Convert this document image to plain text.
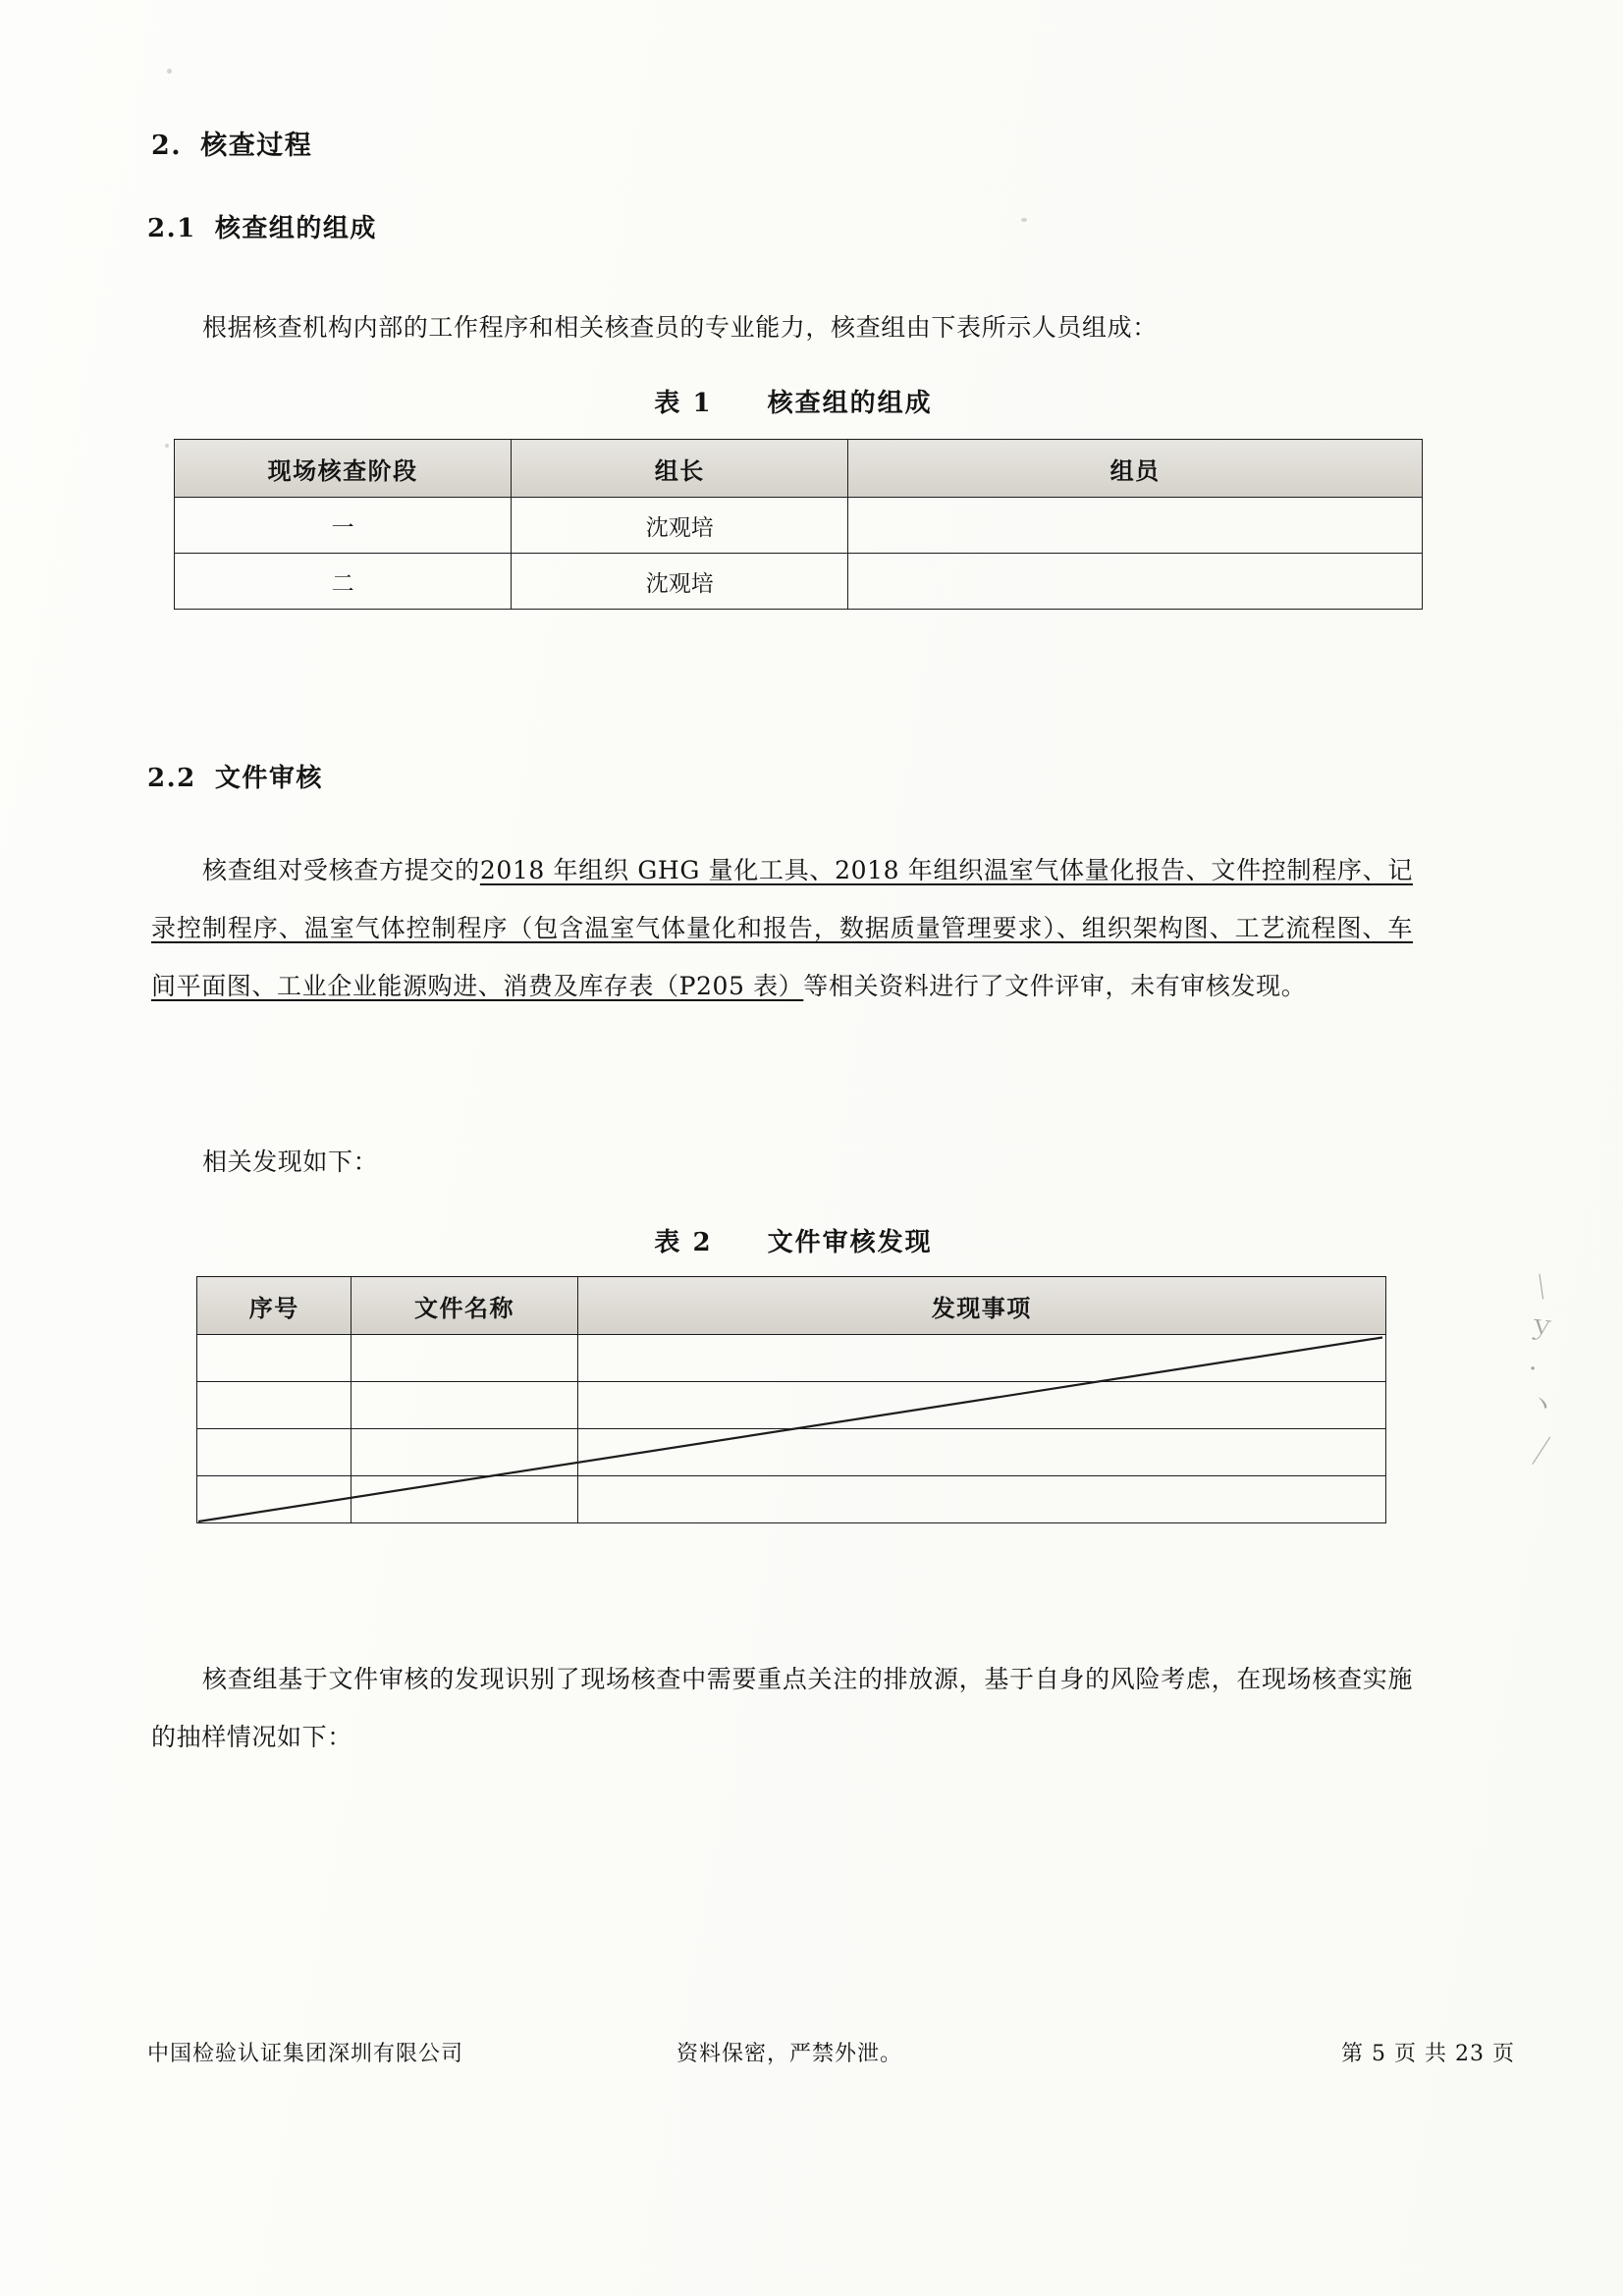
2. 核查过程
2.1 核查组的组成
根据核查机构内部的工作程序和相关核查员的专业能力，核查组由下表所示人员组成：
表 1　　核查组的组成
现场核查阶段	组长	组员
一	沈观培	
二	沈观培	
2.2 文件审核
核查组对受核查方提交的2018 年组织 GHG 量化工具、2018 年组织温室气体量化报告、文件控制程序、记录控制程序、温室气体控制程序（包含温室气体量化和报告，数据质量管理要求）、组织架构图、工艺流程图、车间平面图、工业企业能源购进、消费及库存表（P205 表）等相关资料进行了文件评审，未有审核发现。
相关发现如下：
表 2　　文件审核发现
序号	文件名称	发现事项

核查组基于文件审核的发现识别了现场核查中需要重点关注的排放源，基于自身的风险考虑，在现场核查实施的抽样情况如下：
｜
ｙ
·
丶
／
中国检验认证集团深圳有限公司	资料保密，严禁外泄。	第 5 页 共 23 页
